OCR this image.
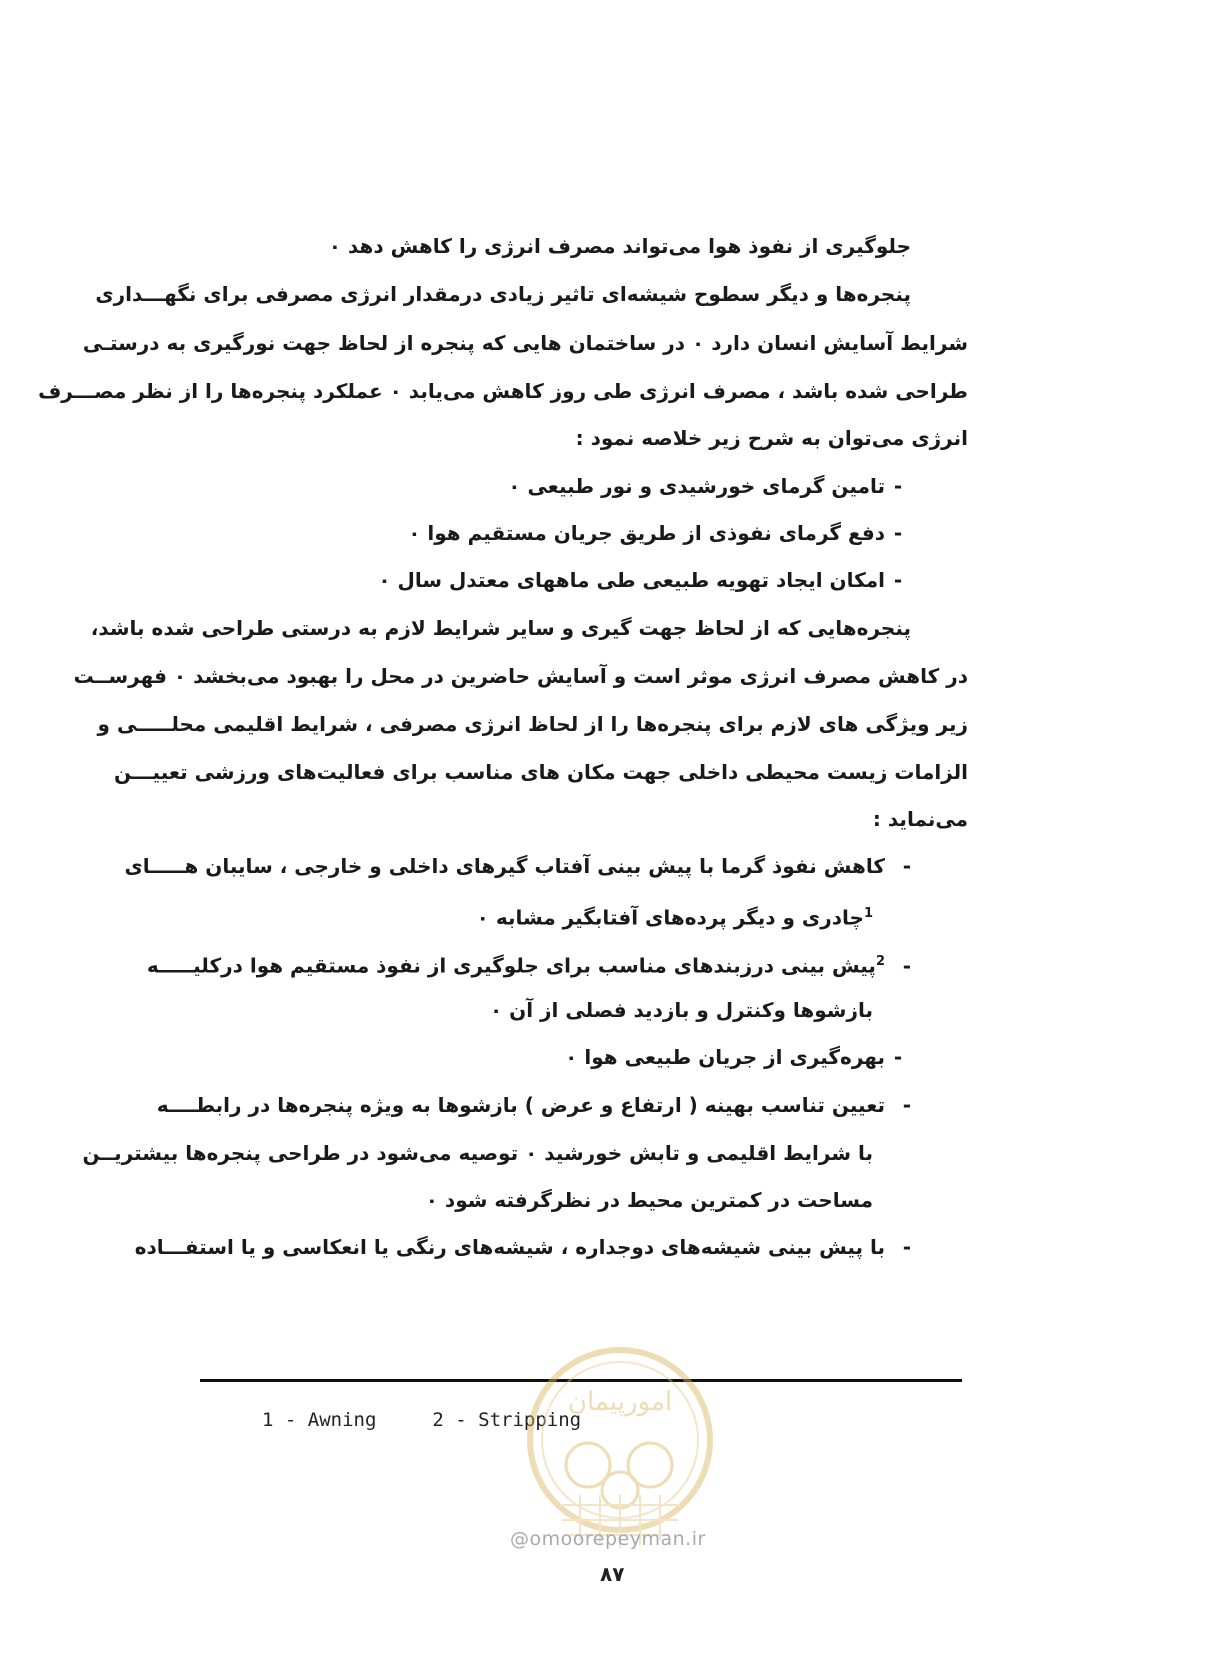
جلوگیری از نفوذ هوا می‌تواند مصرف انرژی را کاهش دهد ۰
پنجره‌ها و دیگر سطوح شیشه‌ای تاثیر زیادی درمقدار انرژی مصرفی برای نگهـــداری
شرایط آسایش انسان دارد ۰ در ساختمان هایی که پنجره از لحاظ جهت نورگیری به درستـی
طراحی شده باشد ، مصرف انرژی طی روز کاهش می‌یابد ۰ عملکرد پنجره‌ها را از نظر مصـــرف
انرژی می‌توان به شرح زیر خلاصه نمود :
-تامین گرمای خورشیدی و نور طبیعی ۰
-دفع گرمای نفوذی از طریق جریان مستقیم هوا ۰
-امکان ایجاد تهویه طبیعی طی ماههای معتدل سال ۰
پنجره‌هایی که از لحاظ جهت گیری و سایر شرایط لازم به درستی طراحی شده باشد،
در کاهش مصرف انرژی موثر است و آسایش حاضرین در محل را بهبود می‌بخشد ۰ فهرســت
زیر ویژگی های لازم برای پنجره‌ها را از لحاظ انرژی مصرفی ، شرایط اقلیمی محلـــــی و
الزامات زیست محیطی داخلی جهت مکان های مناسب برای فعالیت‌های ورزشی تعییـــن
می‌نماید :
-کاهش نفوذ گرما با پیش بینی آفتاب گیرهای داخلی و خارجی ، سایبان هـــــای
$^1$چادری و دیگر پرده‌های آفتابگیر مشابه ۰
-$^2$پیش بینی درزبندهای مناسب برای جلوگیری از نفوذ مستقیم هوا درکلیـــــه
بازشوها وکنترل و بازدید فصلی از آن ۰
-بهره‌گیری از جریان طبیعی هوا ۰
-تعیین تناسب بهینه ( ارتفاع و عرض ) بازشوها به ویژه پنجره‌ها در رابطــــه
با شرایط اقلیمی و تابش خورشید ۰ توصیه می‌شود در طراحی پنجره‌ها بیشتریــن
مساحت در کمترین محیط در نظرگرفته شود ۰
-با پیش بینی شیشه‌های دوجداره ، شیشه‌های رنگی یا انعکاسی و یا استفـــاده
1 - Awning	2 - Stripping
امورپیمان
@omoorepeyman.ir
۸۷
